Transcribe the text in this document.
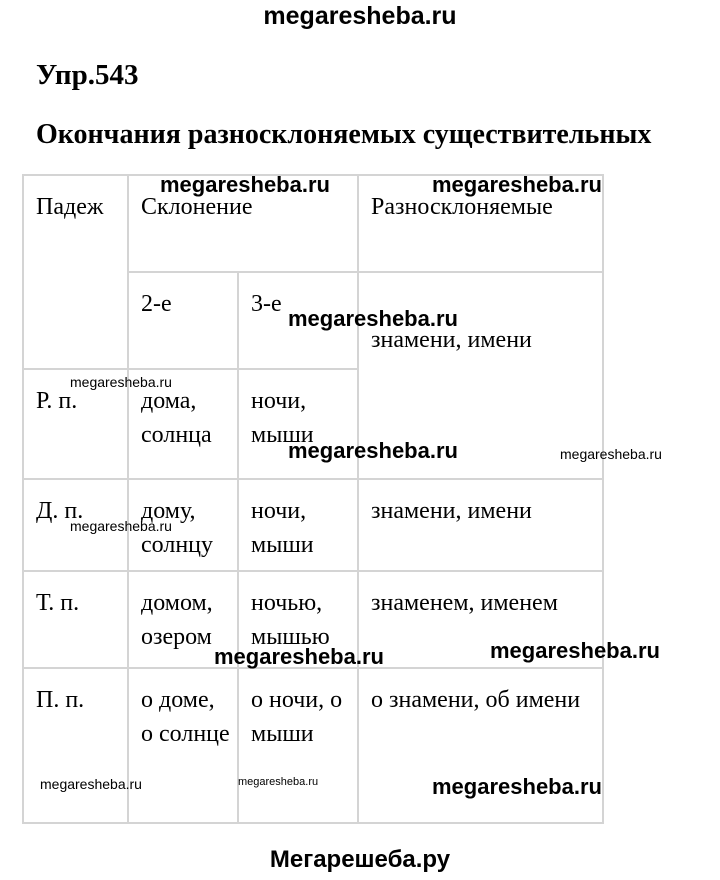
megaresheba.ru
Упр.543
Окончания разносклоняемых существительных
Падеж	Склонение		Разносклоняемые
	2-е	3-е	знамени, имени
Р. п.	дома, солнца	ночи, мыши	
Д. п.	дому, солнцу	ночи, мыши	знамени, имени
Т. п.	домом, озером	ночью, мышью	знаменем, именем
П. п.	о доме, о солнце	о ночи, о мыши	о знамени, об имени
megaresheba.ru	megaresheba.ru
megaresheba.ru
megaresheba.ru
megaresheba.ru	megaresheba.ru
megaresheba.ru
megaresheba.ru	megaresheba.ru
megaresheba.ru	megaresheba.ru	megaresheba.ru
Мегарешеба.ру
